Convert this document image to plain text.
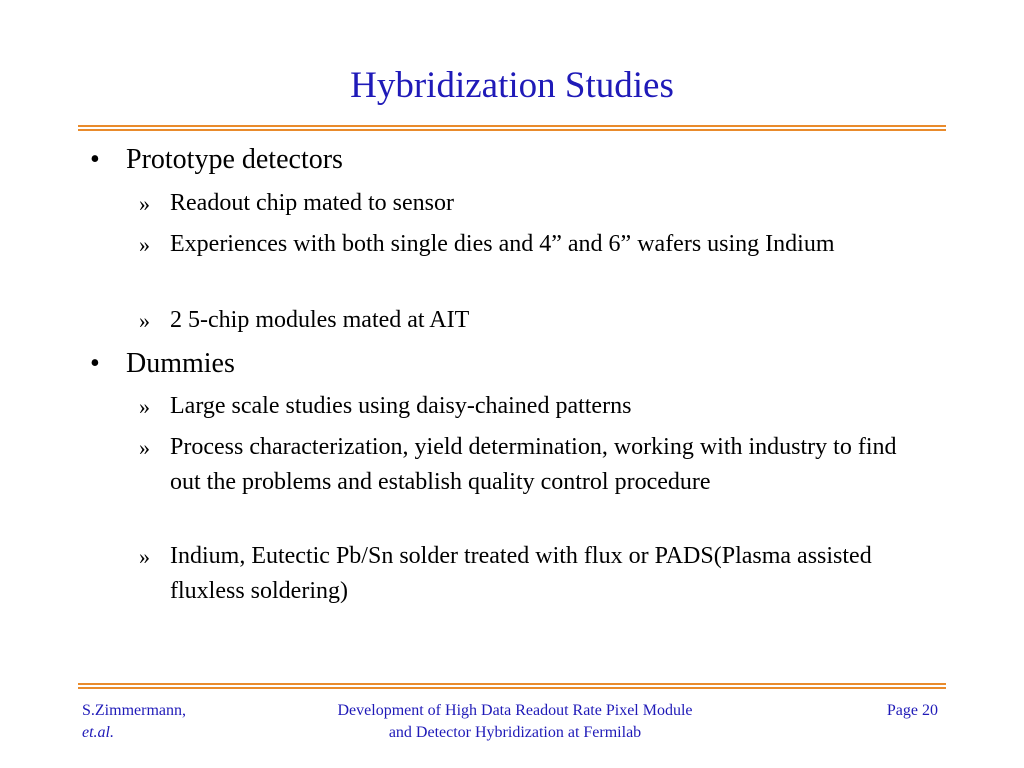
Hybridization Studies
• Prototype detectors
» Readout chip mated to sensor
» Experiences with both single dies and 4” and 6” wafers using Indium
» 2 5-chip modules mated at AIT
• Dummies
» Large scale studies using daisy-chained patterns
» Process characterization, yield determination, working with industry to find out the problems and establish quality control procedure
» Indium, Eutectic Pb/Sn solder treated with flux or PADS(Plasma assisted fluxless soldering)
S.Zimmermann,
et.al.
Development of High Data Readout Rate Pixel Module
and Detector Hybridization at Fermilab
Page 20
